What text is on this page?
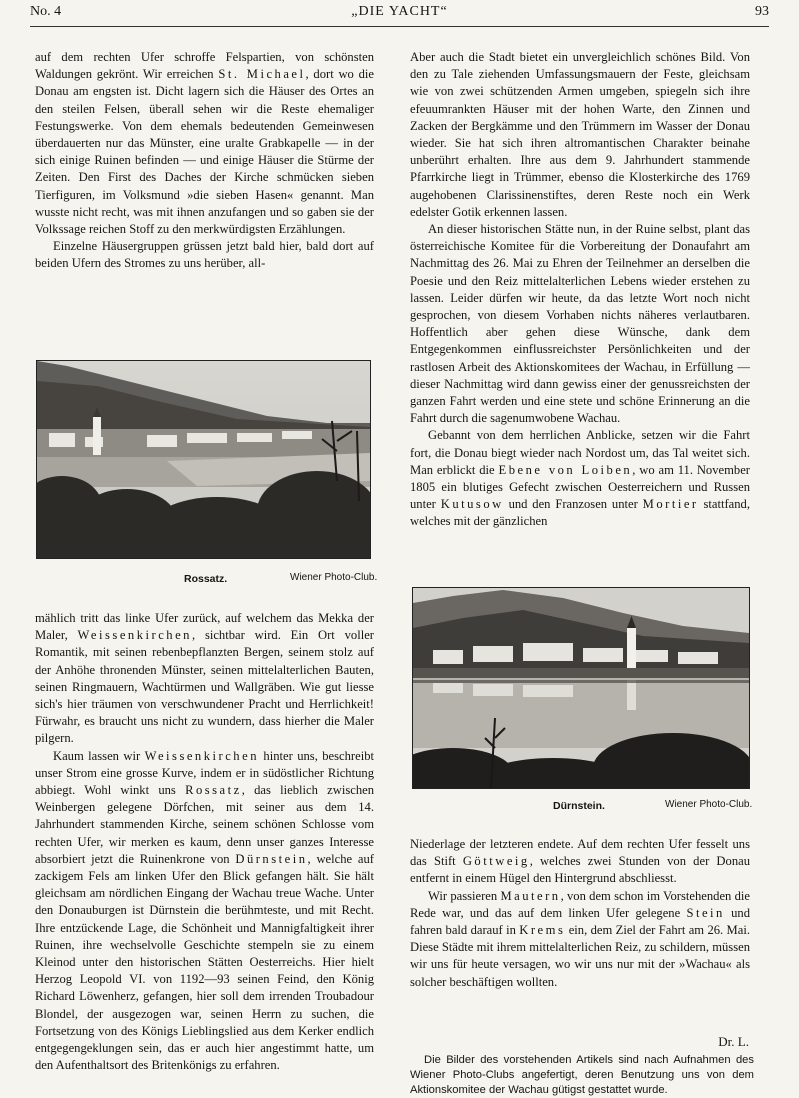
No. 4	„DIE YACHT“	93

auf dem rechten Ufer schroffe Felspartien, von schönsten Waldungen gekrönt. Wir erreichen St. Michael, dort wo die Donau am engsten ist. Dicht lagern sich die Häuser des Ortes an den steilen Felsen, überall sehen wir die Reste ehemaliger Festungswerke. Von dem ehemals bedeutenden Gemeinwesen überdauerten nur das Münster, eine uralte Grabkapelle — in der sich einige Ruinen befinden — und einige Häuser die Stürme der Zeiten. Den First des Daches der Kirche schmücken sieben Tierfiguren, im Volksmund »die sieben Hasen« genannt. Man wusste nicht recht, was mit ihnen anzufangen und so gaben sie der Volkssage reichen Stoff zu den merkwürdigsten Erzählungen.

Einzelne Häusergruppen grüssen jetzt bald hier, bald dort auf beiden Ufern des Stromes zu uns herüber, all-

Rossatz.	Wiener Photo-Club.

mählich tritt das linke Ufer zurück, auf welchem das Mekka der Maler, Weissenkirchen, sichtbar wird. Ein Ort voller Romantik, mit seinen rebenbepflanzten Bergen, seinem stolz auf der Anhöhe thronenden Münster, seinen mittelalterlichen Bauten, seinen Ringmauern, Wachtürmen und Wallgräben. Wie gut liesse sich's hier träumen von verschwundener Pracht und Herrlichkeit! Fürwahr, es braucht uns nicht zu wundern, dass hierher die Maler pilgern.

Kaum lassen wir Weissenkirchen hinter uns, beschreibt unser Strom eine grosse Kurve, indem er in südöstlicher Richtung abbiegt. Wohl winkt uns Rossatz, das lieblich zwischen Weinbergen gelegene Dörfchen, mit seiner aus dem 14. Jahrhundert stammenden Kirche, seinem schönen Schlosse vom rechten Ufer, wir merken es kaum, denn unser ganzes Interesse absorbiert jetzt die Ruinenkrone von Dürnstein, welche auf zackigem Fels am linken Ufer den Blick gefangen hält. Sie hält gleichsam am nördlichen Eingang der Wachau treue Wache. Unter den Donauburgen ist Dürnstein die berühmteste, und mit Recht. Ihre entzückende Lage, die Schönheit und Mannigfaltigkeit ihrer Ruinen, ihre wechselvolle Geschichte stempeln sie zu einem Kleinod unter den historischen Stätten Oesterreichs. Hier hielt Herzog Leopold VI. von 1192—93 seinen Feind, den König Richard Löwenherz, gefangen, hier soll dem irrenden Troubadour Blondel, der ausgezogen war, seinen Herrn zu suchen, die Fortsetzung von des Königs Lieblingslied aus dem Kerker endlich entgegengeklungen sein, das er auch hier angestimmt hatte, um den Aufenthaltsort des Britenkönigs zu erfahren.

Aber auch die Stadt bietet ein unvergleichlich schönes Bild. Von den zu Tale ziehenden Umfassungsmauern der Feste, gleichsam wie von zwei schützenden Armen umgeben, spiegeln sich ihre efeuumrankten Häuser mit der hohen Warte, den Zinnen und Zacken der Bergkämme und den Trümmern im Wasser der Donau wieder. Sie hat sich ihren altromantischen Charakter beinahe unberührt erhalten. Ihre aus dem 9. Jahrhundert stammende Pfarrkirche liegt in Trümmer, ebenso die Klosterkirche des 1769 augehobenen Clarissinenstiftes, deren Reste noch ein Werk edelster Gotik erkennen lassen.

An dieser historischen Stätte nun, in der Ruine selbst, plant das österreichische Komitee für die Vorbereitung der Donaufahrt am Nachmittag des 26. Mai zu Ehren der Teilnehmer an derselben die Poesie und den Reiz mittelalterlichen Lebens wieder erstehen zu lassen. Leider dürfen wir heute, da das letzte Wort noch nicht gesprochen, von diesem Vorhaben nichts näheres verlautbaren. Hoffentlich aber gehen diese Wünsche, dank dem Entgegenkommen einflussreichster Persönlichkeiten und der rastlosen Arbeit des Aktionskomitees der Wachau, in Erfüllung — dieser Nachmittag wird dann gewiss einer der genussreichsten der ganzen Fahrt werden und eine stete und schöne Erinnerung an die Fahrt durch die sagenumwobene Wachau.

Gebannt von dem herrlichen Anblicke, setzen wir die Fahrt fort, die Donau biegt wieder nach Nordost um, das Tal weitet sich. Man erblickt die Ebene von Loiben, wo am 11. November 1805 ein blutiges Gefecht zwischen Oesterreichern und Russen unter Kutusow und den Franzosen unter Mortier stattfand, welches mit der gänzlichen

Dürnstein.	Wiener Photo-Club.

Niederlage der letzteren endete. Auf dem rechten Ufer fesselt uns das Stift Göttweig, welches zwei Stunden von der Donau entfernt in einem Hügel den Hintergrund abschliesst.

Wir passieren Mautern, von dem schon im Vorstehenden die Rede war, und das auf dem linken Ufer gelegene Stein und fahren bald darauf in Krems ein, dem Ziel der Fahrt am 26. Mai. Diese Städte mit ihrem mittelalterlichen Reiz, zu schildern, müssen wir uns für heute versagen, wo wir uns nur mit der »Wachau« als solcher beschäftigen wollten.

Dr. L.

Die Bilder des vorstehenden Artikels sind nach Aufnahmen des Wiener Photo-Clubs angefertigt, deren Benutzung uns von dem Aktionskomitee der Wachau gütigst gestattet wurde.
